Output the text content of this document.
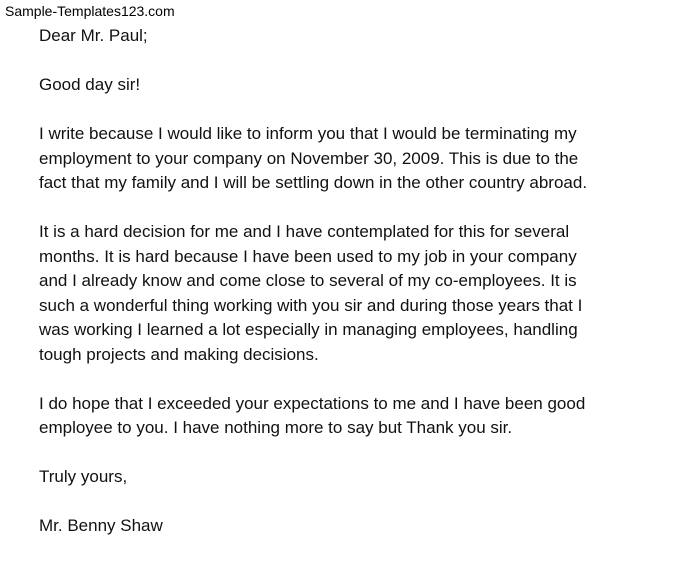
Sample-Templates123.com

Dear Mr. Paul;

Good day sir!

I write because I would like to inform you that I would be terminating my
employment to your company on November 30, 2009. This is due to the
fact that my family and I will be settling down in the other country abroad.

It is a hard decision for me and I have contemplated for this for several
months. It is hard because I have been used to my job in your company
and I already know and come close to several of my co-employees. It is
such a wonderful thing working with you sir and during those years that I
was working I learned a lot especially in managing employees, handling
tough projects and making decisions.

I do hope that I exceeded your expectations to me and I have been good
employee to you. I have nothing more to say but Thank you sir.

Truly yours,

Mr. Benny Shaw
